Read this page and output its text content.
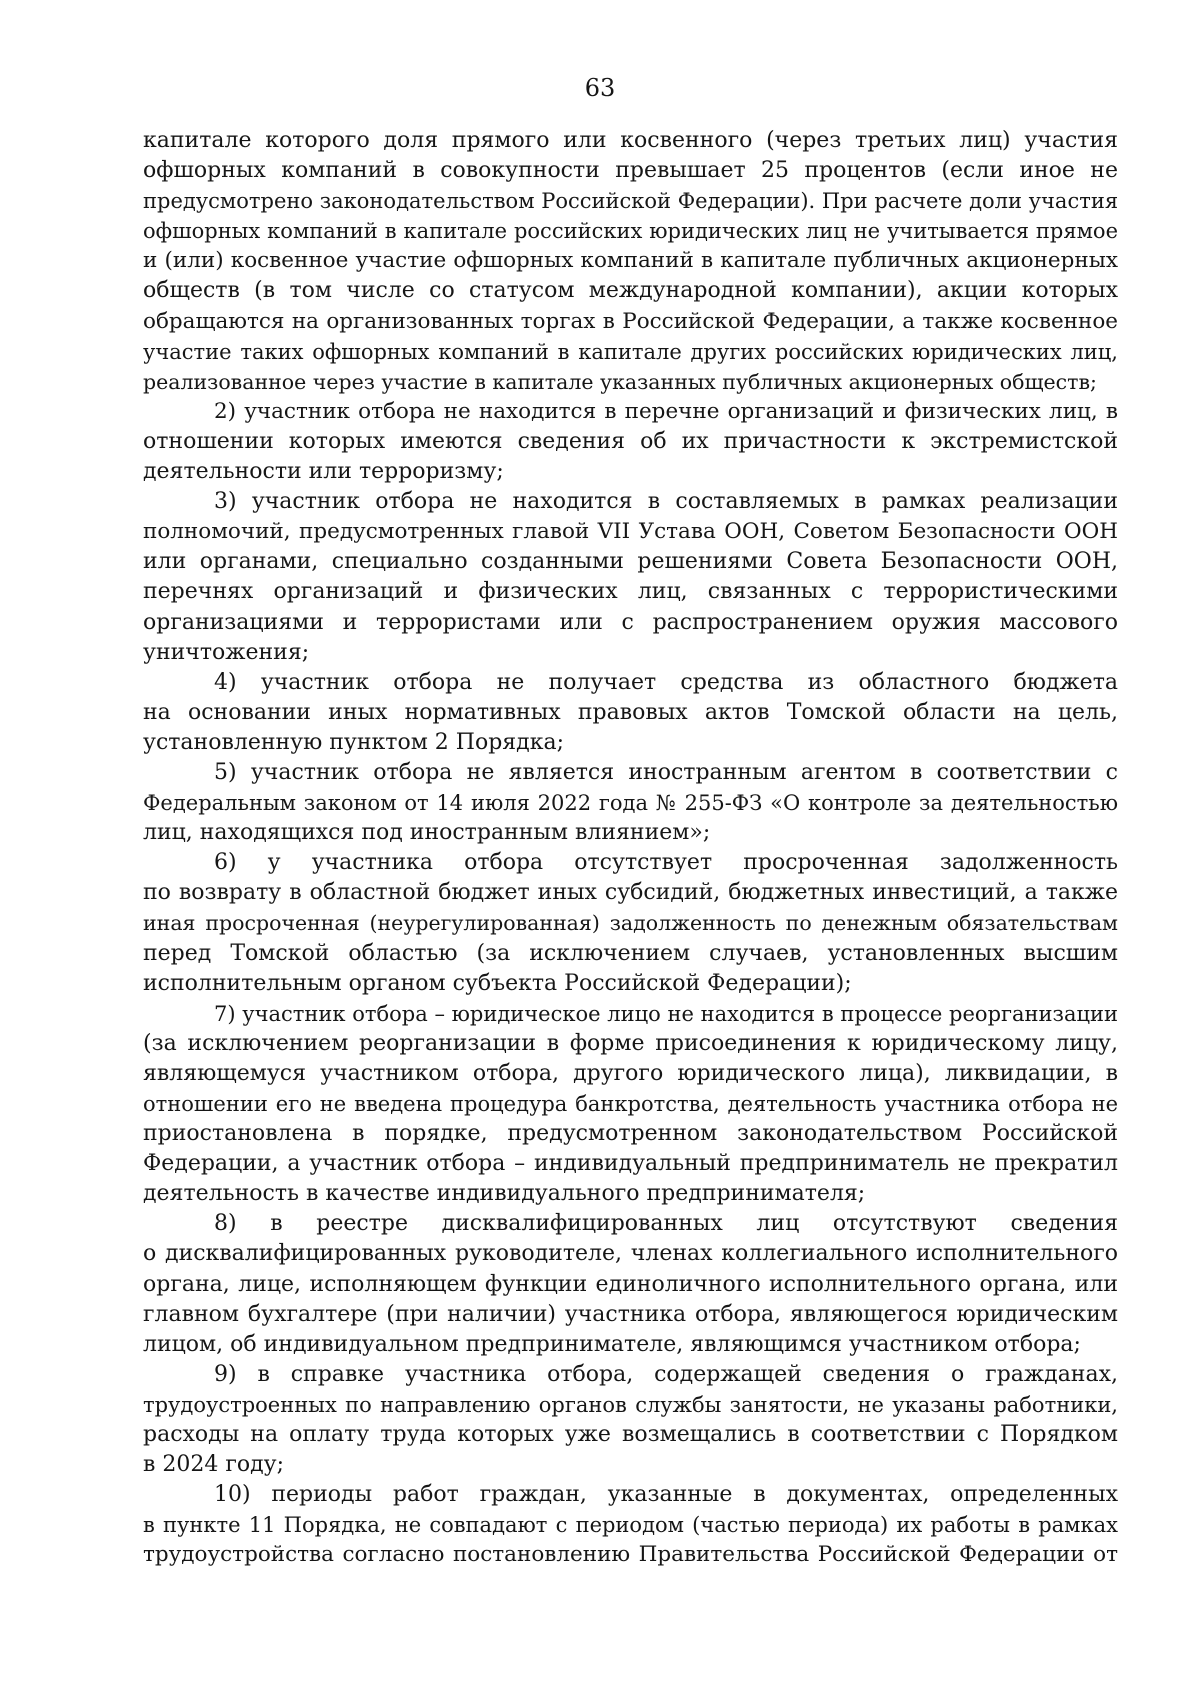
63
капитале которого доля прямого или косвенного (через третьих лиц) участия
офшорных компаний в совокупности превышает 25 процентов (если иное не
предусмотрено законодательством Российской Федерации). При расчете доли участия
офшорных компаний в капитале российских юридических лиц не учитывается прямое
и (или) косвенное участие офшорных компаний в капитале публичных акционерных
обществ (в том числе со статусом международной компании), акции которых
обращаются на организованных торгах в Российской Федерации, а также косвенное
участие таких офшорных компаний в капитале других российских юридических лиц,
реализованное через участие в капитале указанных публичных акционерных обществ;
2) участник отбора не находится в перечне организаций и физических лиц, в
отношении которых имеются сведения об их причастности к экстремистской
деятельности или терроризму;
3) участник отбора не находится в составляемых в рамках реализации
полномочий, предусмотренных главой VII Устава ООН, Советом Безопасности ООН
или органами, специально созданными решениями Совета Безопасности ООН,
перечнях организаций и физических лиц, связанных с террористическими
организациями и террористами или с распространением оружия массового
уничтожения;
4) участник отбора не получает средства из областного бюджета
на основании иных нормативных правовых актов Томской области на цель,
установленную пунктом 2 Порядка;
5) участник отбора не является иностранным агентом в соответствии с
Федеральным законом от 14 июля 2022 года № 255-ФЗ «О контроле за деятельностью
лиц, находящихся под иностранным влиянием»;
6) у участника отбора отсутствует просроченная задолженность
по возврату в областной бюджет иных субсидий, бюджетных инвестиций, а также
иная просроченная (неурегулированная) задолженность по денежным обязательствам
перед Томской областью (за исключением случаев, установленных высшим
исполнительным органом субъекта Российской Федерации);
7) участник отбора – юридическое лицо не находится в процессе реорганизации
(за исключением реорганизации в форме присоединения к юридическому лицу,
являющемуся участником отбора, другого юридического лица), ликвидации, в
отношении его не введена процедура банкротства, деятельность участника отбора не
приостановлена в порядке, предусмотренном законодательством Российской
Федерации, а участник отбора – индивидуальный предприниматель не прекратил
деятельность в качестве индивидуального предпринимателя;
8) в реестре дисквалифицированных лиц отсутствуют сведения
о дисквалифицированных руководителе, членах коллегиального исполнительного
органа, лице, исполняющем функции единоличного исполнительного органа, или
главном бухгалтере (при наличии) участника отбора, являющегося юридическим
лицом, об индивидуальном предпринимателе, являющимся участником отбора;
9) в справке участника отбора, содержащей сведения о гражданах,
трудоустроенных по направлению органов службы занятости, не указаны работники,
расходы на оплату труда которых уже возмещались в соответствии с Порядком
в 2024 году;
10) периоды работ граждан, указанные в документах, определенных
в пункте 11 Порядка, не совпадают с периодом (частью периода) их работы в рамках
трудоустройства согласно постановлению Правительства Российской Федерации от
